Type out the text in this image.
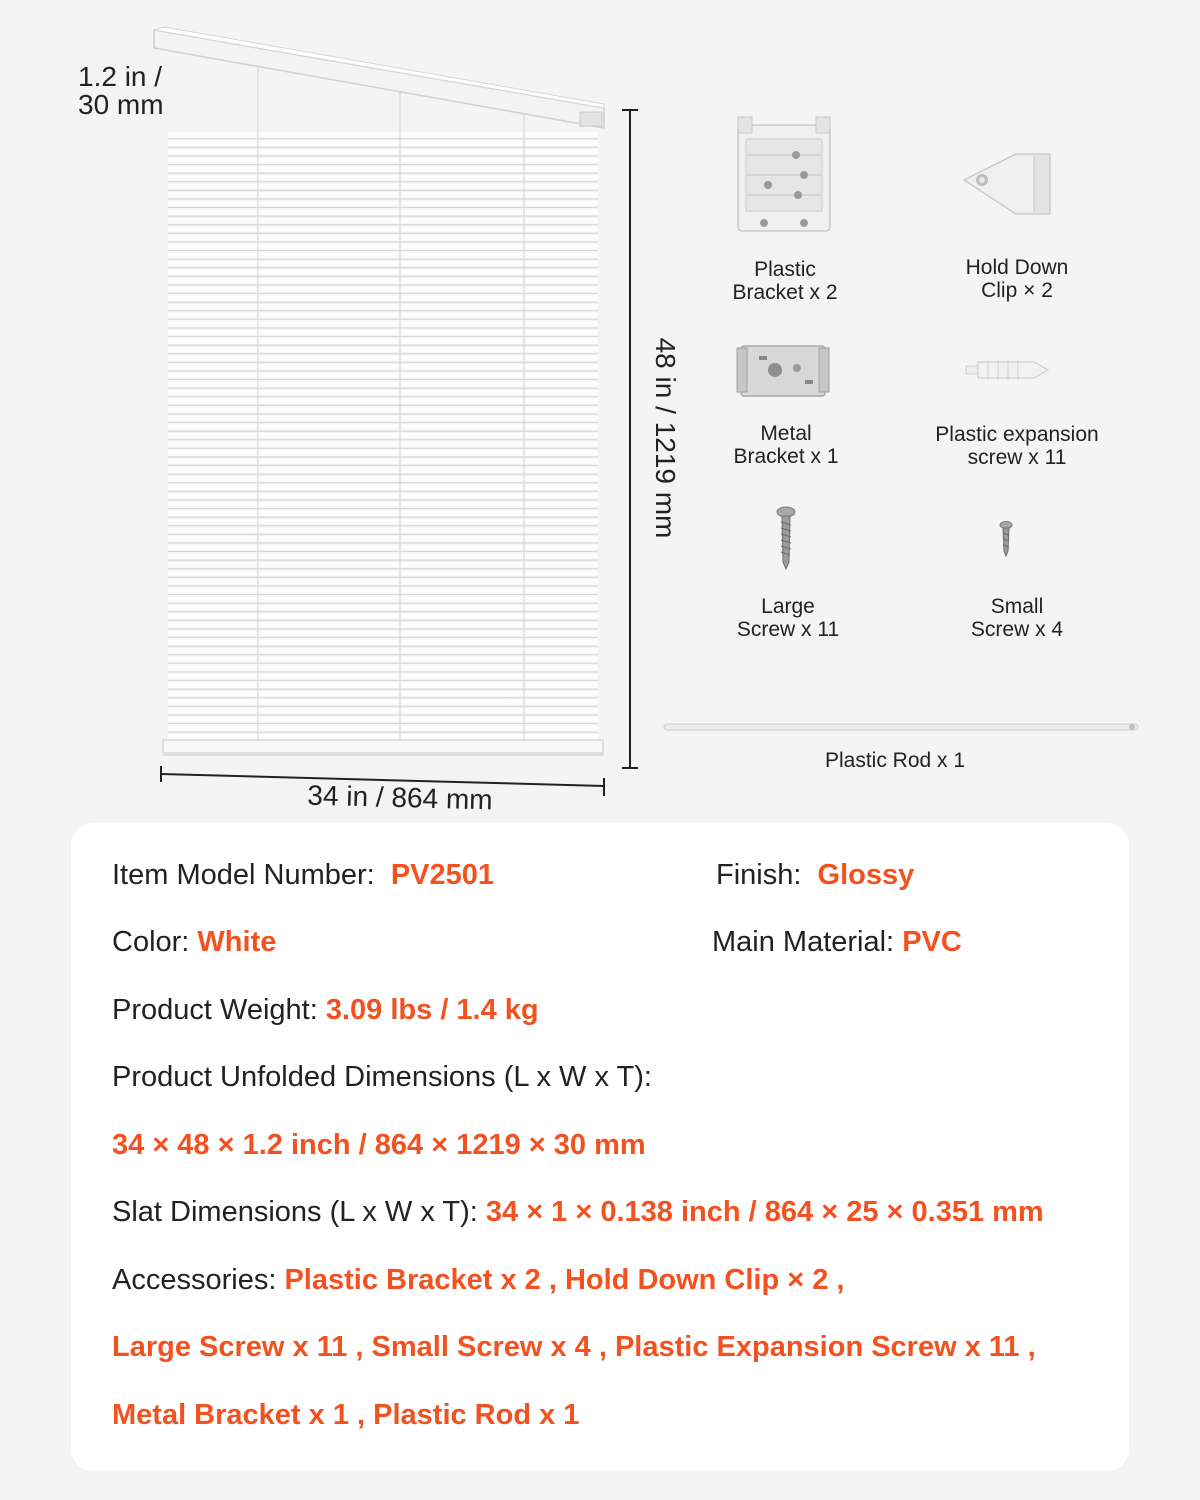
1.2 in /
30 mm
48 in / 1219 mm
34 in / 864 mm
Plastic
Bracket x 2
Hold Down
Clip × 2
Metal
Bracket x 1
Plastic expansion
screw x 11
Large
Screw x 11
Small
Screw x 4
Plastic Rod x 1
Item Model Number: PV2501	Finish: Glossy
Color: White	Main Material: PVC
Product Weight: 3.09 lbs / 1.4 kg
Product Unfolded Dimensions (L x W x T):
34 × 48 × 1.2 inch / 864 × 1219 × 30 mm
Slat Dimensions (L x W x T): 34 × 1 × 0.138 inch / 864 × 25 × 0.351 mm
Accessories: Plastic Bracket x 2 , Hold Down Clip × 2 ,
Large Screw x 11 , Small Screw x 4 , Plastic Expansion Screw x 11 ,
Metal Bracket x 1 , Plastic Rod x 1
